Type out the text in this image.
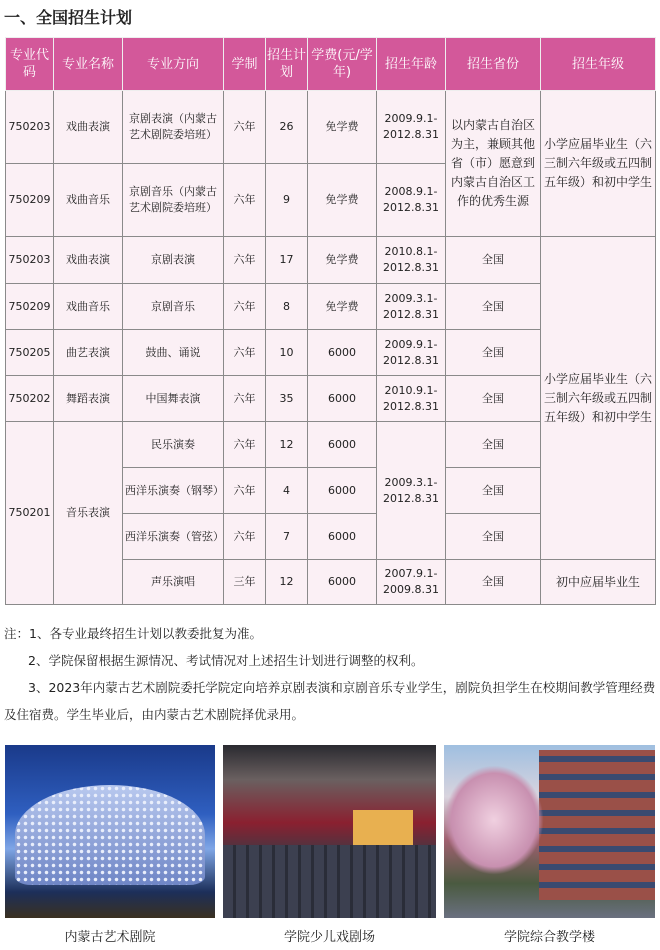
一、全国招生计划
专业代码	专业名称	专业方向	学制	招生计划	学费(元/学年)	招生年龄	招生省份	招生年级
750203	戏曲表演	京剧表演（内蒙古艺术剧院委培班）	六年	26	免学费	2009.9.1-2012.8.31	以内蒙古自治区为主，兼顾其他省（市）愿意到内蒙古自治区工作的优秀生源	小学应届毕业生（六三制六年级或五四制五年级）和初中学生
750209	戏曲音乐	京剧音乐（内蒙古艺术剧院委培班）	六年	9	免学费	2008.9.1-2012.8.31		
750203	戏曲表演	京剧表演	六年	17	免学费	2010.8.1-2012.8.31	全国	小学应届毕业生（六三制六年级或五四制五年级）和初中学生
750209	戏曲音乐	京剧音乐	六年	8	免学费	2009.3.1-2012.8.31	全国	
750205	曲艺表演	鼓曲、诵说	六年	10	6000	2009.9.1-2012.8.31	全国	
750202	舞蹈表演	中国舞表演	六年	35	6000	2010.9.1-2012.8.31	全国	
750201	音乐表演	民乐演奏	六年	12	6000	2009.3.1-2012.8.31	全国	
		西洋乐演奏（钢琴）	六年	4	6000		全国	
		西洋乐演奏（管弦）	六年	7	6000		全国	
		声乐演唱	三年	12	6000	2007.9.1-2009.8.31	全国	初中应届毕业生

注：1、各专业最终招生计划以教委批复为准。

2、学院保留根据生源情况、考试情况对上述招生计划进行调整的权利。

3、2023年内蒙古艺术剧院委托学院定向培养京剧表演和京剧音乐专业学生，剧院负担学生在校期间教学管理经费及住宿费。学生毕业后，由内蒙古艺术剧院择优录用。

内蒙古艺术剧院	学院少儿戏剧场	学院综合教学楼
